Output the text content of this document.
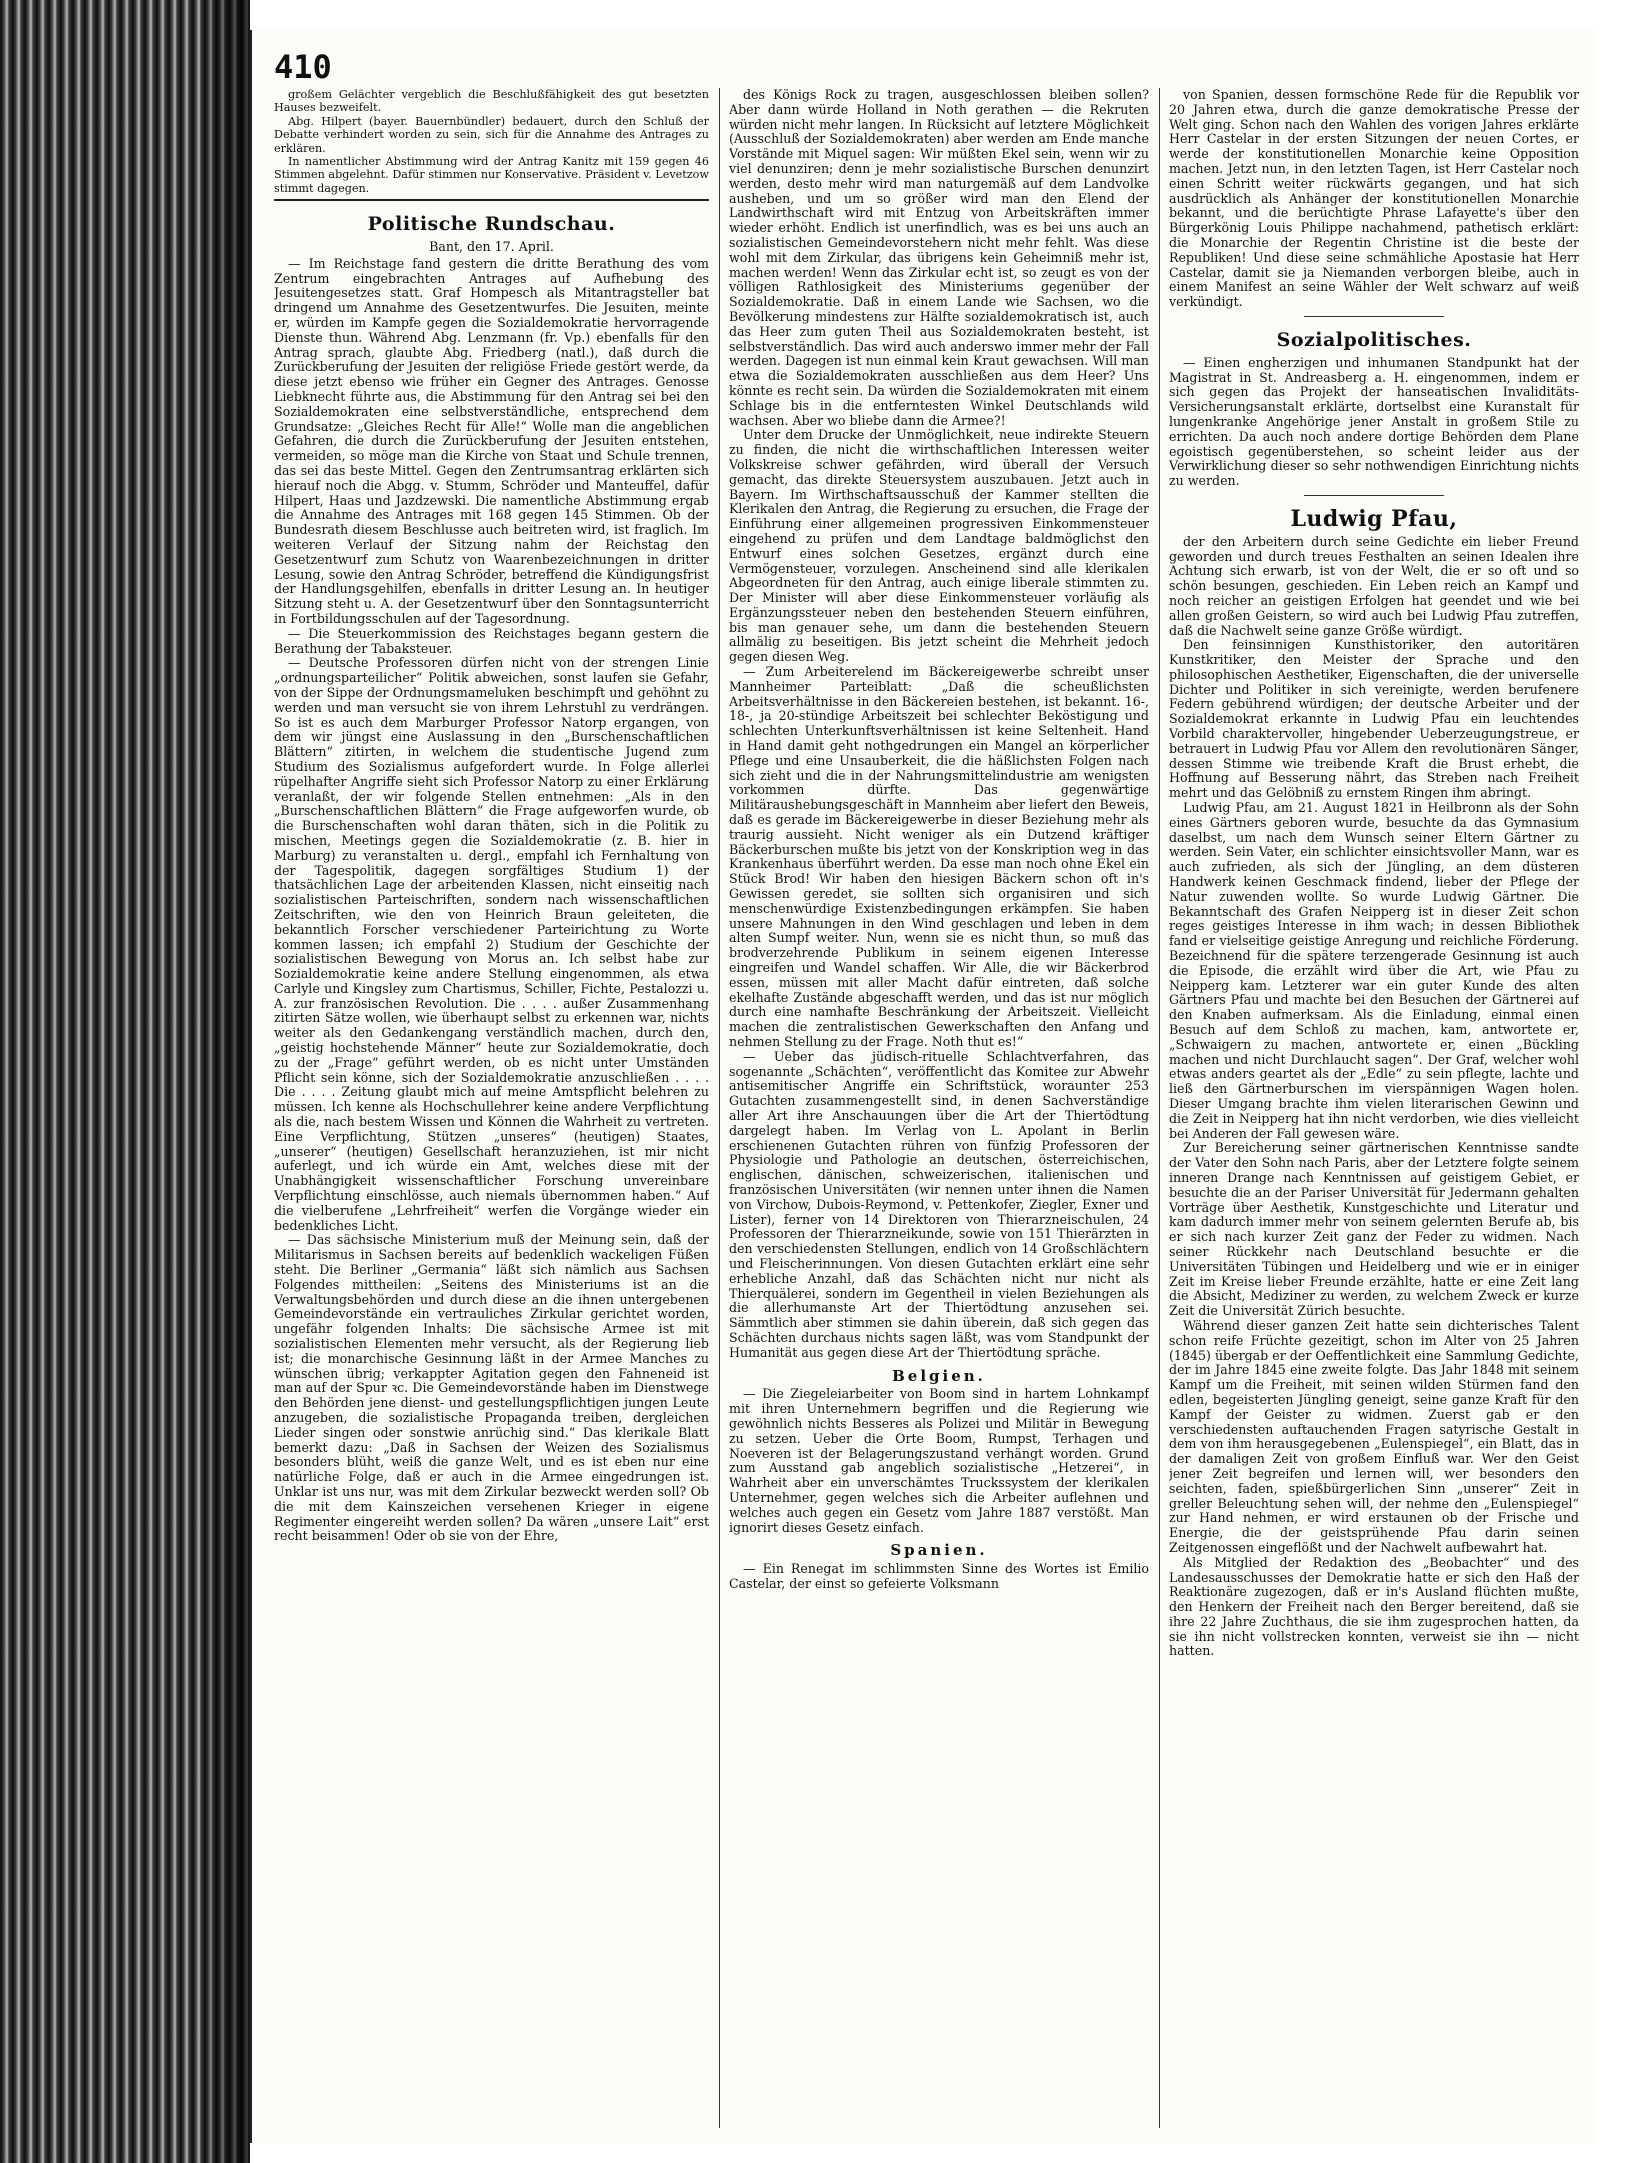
410

großem Gelächter vergeblich die Beschlußfähigkeit des gut besetzten Hauses bezweifelt.

Abg. Hilpert (bayer. Bauernbündler) bedauert, durch den Schluß der Debatte verhindert worden zu sein, sich für die Annahme des Antrages zu erklären.

In namentlicher Abstimmung wird der Antrag Kanitz mit 159 gegen 46 Stimmen abgelehnt. Dafür stimmen nur Konservative. Präsident v. Levetzow stimmt dagegen.

Politische Rundschau.
Bant, den 17. April.

— Im Reichstage fand gestern die dritte Berathung des vom Zentrum eingebrachten Antrages auf Aufhebung des Jesuitengesetzes statt. Graf Hompesch als Mitantragsteller bat dringend um Annahme des Gesetzentwurfes. Die Jesuiten, meinte er, würden im Kampfe gegen die Sozialdemokratie hervorragende Dienste thun. Während Abg. Lenzmann (fr. Vp.) ebenfalls für den Antrag sprach, glaubte Abg. Friedberg (natl.), daß durch die Zurückberufung der Jesuiten der religiöse Friede gestört werde, da diese jetzt ebenso wie früher ein Gegner des Antrages. Genosse Liebknecht führte aus, die Abstimmung für den Antrag sei bei den Sozialdemokraten eine selbstverständliche, entsprechend dem Grundsatze: „Gleiches Recht für Alle!“ Wolle man die angeblichen Gefahren, die durch die Zurückberufung der Jesuiten entstehen, vermeiden, so möge man die Kirche von Staat und Schule trennen, das sei das beste Mittel. Gegen den Zentrumsantrag erklärten sich hierauf noch die Abgg. v. Stumm, Schröder und Manteuffel, dafür Hilpert, Haas und Jazdzewski. Die namentliche Abstimmung ergab die Annahme des Antrages mit 168 gegen 145 Stimmen. Ob der Bundesrath diesem Beschlusse auch beitreten wird, ist fraglich. Im weiteren Verlauf der Sitzung nahm der Reichstag den Gesetzentwurf zum Schutz von Waarenbezeichnungen in dritter Lesung, sowie den Antrag Schröder, betreffend die Kündigungsfrist der Handlungsgehilfen, ebenfalls in dritter Lesung an. In heutiger Sitzung steht u. A. der Gesetzentwurf über den Sonntagsunterricht in Fortbildungsschulen auf der Tagesordnung.

— Die Steuerkommission des Reichstages begann gestern die Berathung der Tabaksteuer.

— Deutsche Professoren dürfen nicht von der strengen Linie „ordnungsparteilicher“ Politik abweichen, sonst laufen sie Gefahr, von der Sippe der Ordnungsmameluken beschimpft und gehöhnt zu werden und man versucht sie von ihrem Lehrstuhl zu verdrängen. So ist es auch dem Marburger Professor Natorp ergangen, von dem wir jüngst eine Auslassung in den „Burschenschaftlichen Blättern“ zitirten, in welchem die studentische Jugend zum Studium des Sozialismus aufgefordert wurde. In Folge allerlei rüpelhafter Angriffe sieht sich Professor Natorp zu einer Erklärung veranlaßt, der wir folgende Stellen entnehmen: „Als in den „Burschenschaftlichen Blättern“ die Frage aufgeworfen wurde, ob die Burschenschaften wohl daran thäten, sich in die Politik zu mischen, Meetings gegen die Sozialdemokratie (z. B. hier in Marburg) zu veranstalten u. dergl., empfahl ich Fernhaltung von der Tagespolitik, dagegen sorgfältiges Studium 1) der thatsächlichen Lage der arbeitenden Klassen, nicht einseitig nach sozialistischen Parteischriften, sondern nach wissenschaftlichen Zeitschriften, wie den von Heinrich Braun geleiteten, die bekanntlich Forscher verschiedener Parteirichtung zu Worte kommen lassen; ich empfahl 2) Studium der Geschichte der sozialistischen Bewegung von Morus an. Ich selbst habe zur Sozialdemokratie keine andere Stellung eingenommen, als etwa Carlyle und Kingsley zum Chartismus, Schiller, Fichte, Pestalozzi u. A. zur französischen Revolution. Die . . . . außer Zusammenhang zitirten Sätze wollen, wie überhaupt selbst zu erkennen war, nichts weiter als den Gedankengang verständlich machen, durch den, „geistig hochstehende Männer“ heute zur Sozialdemokratie, doch zu der „Frage“ geführt werden, ob es nicht unter Umständen Pflicht sein könne, sich der Sozialdemokratie anzuschließen . . . . Die . . . . Zeitung glaubt mich auf meine Amtspflicht belehren zu müssen. Ich kenne als Hochschullehrer keine andere Verpflichtung als die, nach bestem Wissen und Können die Wahrheit zu vertreten. Eine Verpflichtung, Stützen „unseres“ (heutigen) Staates, „unserer“ (heutigen) Gesellschaft heranzuziehen, ist mir nicht auferlegt, und ich würde ein Amt, welches diese mit der Unabhängigkeit wissenschaftlicher Forschung unvereinbare Verpflichtung einschlösse, auch niemals übernommen haben.“ Auf die vielberufene „Lehrfreiheit“ werfen die Vorgänge wieder ein bedenkliches Licht.

— Das sächsische Ministerium muß der Meinung sein, daß der Militarismus in Sachsen bereits auf bedenklich wackeligen Füßen steht. Die Berliner „Germania“ läßt sich nämlich aus Sachsen Folgendes mittheilen: „Seitens des Ministeriums ist an die Verwaltungsbehörden und durch diese an die ihnen untergebenen Gemeindevorstände ein vertrauliches Zirkular gerichtet worden, ungefähr folgenden Inhalts: Die sächsische Armee ist mit sozialistischen Elementen mehr versucht, als der Regierung lieb ist; die monarchische Gesinnung läßt in der Armee Manches zu wünschen übrig; verkappter Agitation gegen den Fahneneid ist man auf der Spur ꝛc. Die Gemeindevorstände haben im Dienstwege den Behörden jene dienst- und gestellungspflichtigen jungen Leute anzugeben, die sozialistische Propaganda treiben, dergleichen Lieder singen oder sonstwie anrüchig sind.“ Das klerikale Blatt bemerkt dazu: „Daß in Sachsen der Weizen des Sozialismus besonders blüht, weiß die ganze Welt, und es ist eben nur eine natürliche Folge, daß er auch in die Armee eingedrungen ist. Unklar ist uns nur, was mit dem Zirkular bezweckt werden soll? Ob die mit dem Kainszeichen versehenen Krieger in eigene Regimenter eingereiht werden sollen? Da wären „unsere Lait“ erst recht beisammen! Oder ob sie von der Ehre,

des Königs Rock zu tragen, ausgeschlossen bleiben sollen? Aber dann würde Holland in Noth gerathen — die Rekruten würden nicht mehr langen. In Rücksicht auf letztere Möglichkeit (Ausschluß der Sozialdemokraten) aber werden am Ende manche Vorstände mit Miquel sagen: Wir müßten Ekel sein, wenn wir zu viel denunziren; denn je mehr sozialistische Burschen denunzirt werden, desto mehr wird man naturgemäß auf dem Landvolke ausheben, und um so größer wird man den Elend der Landwirthschaft wird mit Entzug von Arbeitskräften immer wieder erhöht. Endlich ist unerfindlich, was es bei uns auch an sozialistischen Gemeindevorstehern nicht mehr fehlt. Was diese wohl mit dem Zirkular, das übrigens kein Geheimniß mehr ist, machen werden! Wenn das Zirkular echt ist, so zeugt es von der völligen Rathlosigkeit des Ministeriums gegenüber der Sozialdemokratie. Daß in einem Lande wie Sachsen, wo die Bevölkerung mindestens zur Hälfte sozialdemokratisch ist, auch das Heer zum guten Theil aus Sozialdemokraten besteht, ist selbstverständlich. Das wird auch anderswo immer mehr der Fall werden. Dagegen ist nun einmal kein Kraut gewachsen. Will man etwa die Sozialdemokraten ausschließen aus dem Heer? Uns könnte es recht sein. Da würden die Sozialdemokraten mit einem Schlage bis in die entferntesten Winkel Deutschlands wild wachsen. Aber wo bliebe dann die Armee?!

Unter dem Drucke der Unmöglichkeit, neue indirekte Steuern zu finden, die nicht die wirthschaftlichen Interessen weiter Volkskreise schwer gefährden, wird überall der Versuch gemacht, das direkte Steuersystem auszubauen. Jetzt auch in Bayern. Im Wirthschaftsausschuß der Kammer stellten die Klerikalen den Antrag, die Regierung zu ersuchen, die Frage der Einführung einer allgemeinen progressiven Einkommensteuer eingehend zu prüfen und dem Landtage baldmöglichst den Entwurf eines solchen Gesetzes, ergänzt durch eine Vermögensteuer, vorzulegen. Anscheinend sind alle klerikalen Abgeordneten für den Antrag, auch einige liberale stimmten zu. Der Minister will aber diese Einkommensteuer vorläufig als Ergänzungssteuer neben den bestehenden Steuern einführen, bis man genauer sehe, um dann die bestehenden Steuern allmälig zu beseitigen. Bis jetzt scheint die Mehrheit jedoch gegen diesen Weg.

— Zum Arbeiterelend im Bäckereigewerbe schreibt unser Mannheimer Parteiblatt: „Daß die scheußlichsten Arbeitsverhältnisse in den Bäckereien bestehen, ist bekannt. 16-, 18-, ja 20-stündige Arbeitszeit bei schlechter Beköstigung und schlechten Unterkunftsverhältnissen ist keine Seltenheit. Hand in Hand damit geht nothgedrungen ein Mangel an körperlicher Pflege und eine Unsauberkeit, die die häßlichsten Folgen nach sich zieht und die in der Nahrungsmittelindustrie am wenigsten vorkommen dürfte. Das gegenwärtige Militäraushebungsgeschäft in Mannheim aber liefert den Beweis, daß es gerade im Bäckereigewerbe in dieser Beziehung mehr als traurig aussieht. Nicht weniger als ein Dutzend kräftiger Bäckerburschen mußte bis jetzt von der Konskription weg in das Krankenhaus überführt werden. Da esse man noch ohne Ekel ein Stück Brod! Wir haben den hiesigen Bäckern schon oft in's Gewissen geredet, sie sollten sich organisiren und sich menschenwürdige Existenzbedingungen erkämpfen. Sie haben unsere Mahnungen in den Wind geschlagen und leben in dem alten Sumpf weiter. Nun, wenn sie es nicht thun, so muß das brodverzehrende Publikum in seinem eigenen Interesse eingreifen und Wandel schaffen. Wir Alle, die wir Bäckerbrod essen, müssen mit aller Macht dafür eintreten, daß solche ekelhafte Zustände abgeschafft werden, und das ist nur möglich durch eine namhafte Beschränkung der Arbeitszeit. Vielleicht machen die zentralistischen Gewerkschaften den Anfang und nehmen Stellung zu der Frage. Noth thut es!“

— Ueber das jüdisch-rituelle Schlachtverfahren, das sogenannte „Schächten“, veröffentlicht das Komitee zur Abwehr antisemitischer Angriffe ein Schriftstück, woraunter 253 Gutachten zusammengestellt sind, in denen Sachverständige aller Art ihre Anschauungen über die Art der Thiertödtung dargelegt haben. Im Verlag von L. Apolant in Berlin erschienenen Gutachten rühren von fünfzig Professoren der Physiologie und Pathologie an deutschen, österreichischen, englischen, dänischen, schweizerischen, italienischen und französischen Universitäten (wir nennen unter ihnen die Namen von Virchow, Dubois-Reymond, v. Pettenkofer, Ziegler, Exner und Lister), ferner von 14 Direktoren von Thierarzneischulen, 24 Professoren der Thierarzneikunde, sowie von 151 Thierärzten in den verschiedensten Stellungen, endlich von 14 Großschlächtern und Fleischerinnungen. Von diesen Gutachten erklärt eine sehr erhebliche Anzahl, daß das Schächten nicht nur nicht als Thierquälerei, sondern im Gegentheil in vielen Beziehungen als die allerhumanste Art der Thiertödtung anzusehen sei. Sämmtlich aber stimmen sie dahin überein, daß sich gegen das Schächten durchaus nichts sagen läßt, was vom Standpunkt der Humanität aus gegen diese Art der Thiertödtung spräche.

Belgien.

— Die Ziegeleiarbeiter von Boom sind in hartem Lohnkampf mit ihren Unternehmern begriffen und die Regierung wie gewöhnlich nichts Besseres als Polizei und Militär in Bewegung zu setzen. Ueber die Orte Boom, Rumpst, Terhagen und Noeveren ist der Belagerungszustand verhängt worden. Grund zum Ausstand gab angeblich sozialistische „Hetzerei“, in Wahrheit aber ein unverschämtes Truckssystem der klerikalen Unternehmer, gegen welches sich die Arbeiter auflehnen und welches auch gegen ein Gesetz vom Jahre 1887 verstößt. Man ignorirt dieses Gesetz einfach.

Spanien.

— Ein Renegat im schlimmsten Sinne des Wortes ist Emilio Castelar, der einst so gefeierte Volksmann

von Spanien, dessen formschöne Rede für die Republik vor 20 Jahren etwa, durch die ganze demokratische Presse der Welt ging. Schon nach den Wahlen des vorigen Jahres erklärte Herr Castelar in der ersten Sitzungen der neuen Cortes, er werde der konstitutionellen Monarchie keine Opposition machen. Jetzt nun, in den letzten Tagen, ist Herr Castelar noch einen Schritt weiter rückwärts gegangen, und hat sich ausdrücklich als Anhänger der konstitutionellen Monarchie bekannt, und die berüchtigte Phrase Lafayette's über den Bürgerkönig Louis Philippe nachahmend, pathetisch erklärt: die Monarchie der Regentin Christine ist die beste der Republiken! Und diese seine schmähliche Apostasie hat Herr Castelar, damit sie ja Niemanden verborgen bleibe, auch in einem Manifest an seine Wähler der Welt schwarz auf weiß verkündigt.

Sozialpolitisches.

— Einen engherzigen und inhumanen Standpunkt hat der Magistrat in St. Andreasberg a. H. eingenommen, indem er sich gegen das Projekt der hanseatischen Invaliditäts-Versicherungsanstalt erklärte, dortselbst eine Kuranstalt für lungenkranke Angehörige jener Anstalt in großem Stile zu errichten. Da auch noch andere dortige Behörden dem Plane egoistisch gegenüberstehen, so scheint leider aus der Verwirklichung dieser so sehr nothwendigen Einrichtung nichts zu werden.

Ludwig Pfau,

der den Arbeitern durch seine Gedichte ein lieber Freund geworden und durch treues Festhalten an seinen Idealen ihre Achtung sich erwarb, ist von der Welt, die er so oft und so schön besungen, geschieden. Ein Leben reich an Kampf und noch reicher an geistigen Erfolgen hat geendet und wie bei allen großen Geistern, so wird auch bei Ludwig Pfau zutreffen, daß die Nachwelt seine ganze Größe würdigt.

Den feinsinnigen Kunsthistoriker, den autoritären Kunstkritiker, den Meister der Sprache und den philosophischen Aesthetiker, Eigenschaften, die der universelle Dichter und Politiker in sich vereinigte, werden berufenere Federn gebührend würdigen; der deutsche Arbeiter und der Sozialdemokrat erkannte in Ludwig Pfau ein leuchtendes Vorbild charaktervoller, hingebender Ueberzeugungstreue, er betrauert in Ludwig Pfau vor Allem den revolutionären Sänger, dessen Stimme wie treibende Kraft die Brust erhebt, die Hoffnung auf Besserung nährt, das Streben nach Freiheit mehrt und das Gelöbniß zu ernstem Ringen ihm abringt.

Ludwig Pfau, am 21. August 1821 in Heilbronn als der Sohn eines Gärtners geboren wurde, besuchte da das Gymnasium daselbst, um nach dem Wunsch seiner Eltern Gärtner zu werden. Sein Vater, ein schlichter einsichtsvoller Mann, war es auch zufrieden, als sich der Jüngling, an dem düsteren Handwerk keinen Geschmack findend, lieber der Pflege der Natur zuwenden wollte. So wurde Ludwig Gärtner. Die Bekanntschaft des Grafen Neipperg ist in dieser Zeit schon reges geistiges Interesse in ihm wach; in dessen Bibliothek fand er vielseitige geistige Anregung und reichliche Förderung. Bezeichnend für die spätere terzengerade Gesinnung ist auch die Episode, die erzählt wird über die Art, wie Pfau zu Neipperg kam. Letzterer war ein guter Kunde des alten Gärtners Pfau und machte bei den Besuchen der Gärtnerei auf den Knaben aufmerksam. Als die Einladung, einmal einen Besuch auf dem Schloß zu machen, kam, antwortete er, „Schwaigern zu machen, antwortete er, einen „Bückling machen und nicht Durchlaucht sagen“. Der Graf, welcher wohl etwas anders geartet als der „Edle“ zu sein pflegte, lachte und ließ den Gärtnerburschen im vierspännigen Wagen holen. Dieser Umgang brachte ihm vielen literarischen Gewinn und die Zeit in Neipperg hat ihn nicht verdorben, wie dies vielleicht bei Anderen der Fall gewesen wäre.

Zur Bereicherung seiner gärtnerischen Kenntnisse sandte der Vater den Sohn nach Paris, aber der Letztere folgte seinem inneren Drange nach Kenntnissen auf geistigem Gebiet, er besuchte die an der Pariser Universität für Jedermann gehalten Vorträge über Aesthetik, Kunstgeschichte und Literatur und kam dadurch immer mehr von seinem gelernten Berufe ab, bis er sich nach kurzer Zeit ganz der Feder zu widmen. Nach seiner Rückkehr nach Deutschland besuchte er die Universitäten Tübingen und Heidelberg und wie er in einiger Zeit im Kreise lieber Freunde erzählte, hatte er eine Zeit lang die Absicht, Mediziner zu werden, zu welchem Zweck er kurze Zeit die Universität Zürich besuchte.

Während dieser ganzen Zeit hatte sein dichterisches Talent schon reife Früchte gezeitigt, schon im Alter von 25 Jahren (1845) übergab er der Oeffentlichkeit eine Sammlung Gedichte, der im Jahre 1845 eine zweite folgte. Das Jahr 1848 mit seinem Kampf um die Freiheit, mit seinen wilden Stürmen fand den edlen, begeisterten Jüngling geneigt, seine ganze Kraft für den Kampf der Geister zu widmen. Zuerst gab er den verschiedensten auftauchenden Fragen satyrische Gestalt in dem von ihm herausgegebenen „Eulenspiegel“, ein Blatt, das in der damaligen Zeit von großem Einfluß war. Wer den Geist jener Zeit begreifen und lernen will, wer besonders den seichten, faden, spießbürgerlichen Sinn „unserer“ Zeit in greller Beleuchtung sehen will, der nehme den „Eulenspiegel“ zur Hand nehmen, er wird erstaunen ob der Frische und Energie, die der geistsprühende Pfau darin seinen Zeitgenossen eingeflößt und der Nachwelt aufbewahrt hat.

Als Mitglied der Redaktion des „Beobachter“ und des Landesausschusses der Demokratie hatte er sich den Haß der Reaktionäre zugezogen, daß er in's Ausland flüchten mußte, den Henkern der Freiheit nach den Berger bereitend, daß sie ihre 22 Jahre Zuchthaus, die sie ihm zugesprochen hatten, da sie ihn nicht vollstrecken konnten, verweist sie ihn — nicht hatten.
